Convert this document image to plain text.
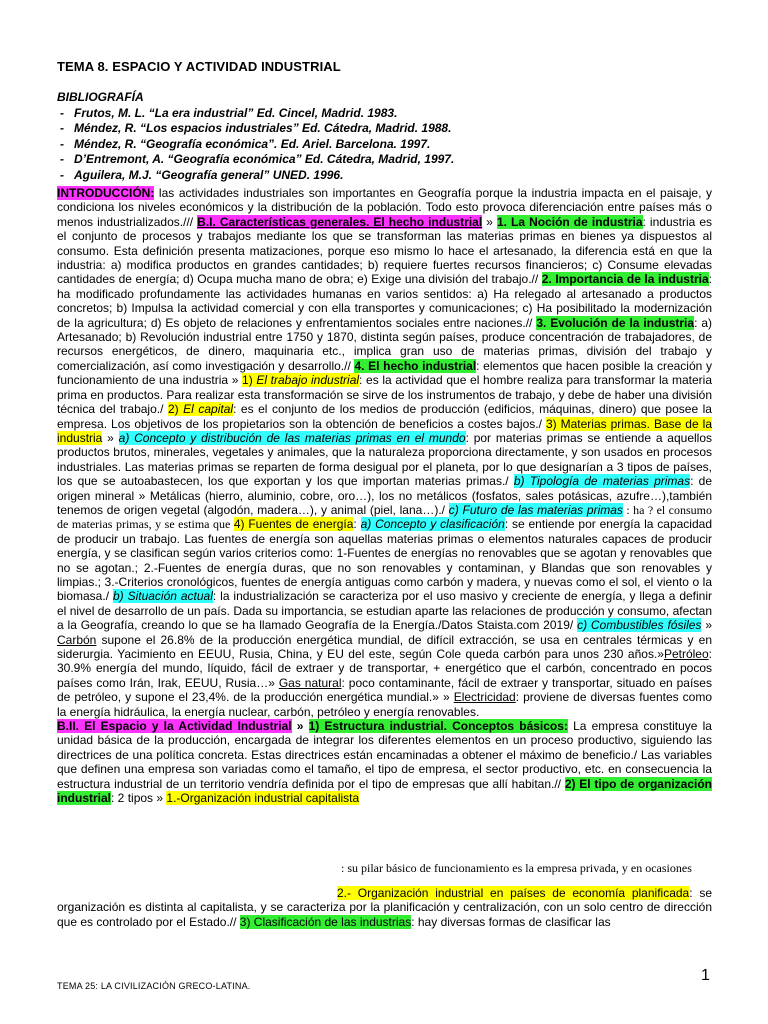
TEMA 8. ESPACIO Y ACTIVIDAD INDUSTRIAL
BIBLIOGRAFÍA
- Frutos, M. L. “La era industrial” Ed. Cincel, Madrid. 1983.
- Méndez, R. “Los espacios industriales” Ed. Cátedra, Madrid. 1988.
- Méndez, R. “Geografía económica”. Ed. Ariel. Barcelona. 1997.
- D’Entremont, A. “Geografía económica” Ed. Cátedra, Madrid, 1997.
- Aguilera, M.J. “Geografía general” UNED. 1996.
INTRODUCCIÓN: las actividades industriales son importantes en Geografía porque la industria impacta en el paisaje, y condiciona los niveles económicos y la distribución de la población. Todo esto provoca diferenciación entre países más o menos industrializados./// B.I. Características generales. El hecho industrial » 1. La Noción de industria: industria es el conjunto de procesos y trabajos mediante los que se transforman las materias primas en bienes ya dispuestos al consumo. Esta definición presenta matizaciones, porque eso mismo lo hace el artesanado, la diferencia está en que la industria: a) modifica productos en grandes cantidades; b) requiere fuertes recursos financieros; c) Consume elevadas cantidades de energía; d) Ocupa mucha mano de obra; e) Exige una división del trabajo.// 2. Importancia de la industria: ha modificado profundamente las actividades humanas en varios sentidos: a) Ha relegado al artesanado a productos concretos; b) Impulsa la actividad comercial y con ella transportes y comunicaciones; c) Ha posibilitado la modernización de la agricultura; d) Es objeto de relaciones y enfrentamientos sociales entre naciones.// 3. Evolución de la industria: a) Artesanado; b) Revolución industrial entre 1750 y 1870, distinta según países, produce concentración de trabajadores, de recursos energéticos, de dinero, maquinaria etc., implica gran uso de materias primas, división del trabajo y comercialización, así como investigación y desarrollo.// 4. El hecho industrial: elementos que hacen posible la creación y funcionamiento de una industria » 1) El trabajo industrial: es la actividad que el hombre realiza para transformar la materia prima en productos. Para realizar esta transformación se sirve de los instrumentos de trabajo, y debe de haber una división técnica del trabajo./ 2) El capital: es el conjunto de los medios de producción (edificios, máquinas, dinero) que posee la empresa. Los objetivos de los propietarios son la obtención de beneficios a costes bajos./ 3) Materias primas. Base de la industria » a) Concepto y distribución de las materias primas en el mundo: por materias primas se entiende a aquellos productos brutos, minerales, vegetales y animales, que la naturaleza proporciona directamente, y son usados en procesos industriales. Las materias primas se reparten de forma desigual por el planeta, por lo que designarían a 3 tipos de países, los que se autoabastecen, los que exportan y los que importan materias primas./ b) Tipología de materias primas: de origen mineral » Metálicas (hierro, aluminio, cobre, oro…), los no metálicos (fosfatos, sales potásicas, azufre…),también tenemos de origen vegetal (algodón, madera…), y animal (piel, lana…)./ c) Futuro de las materias primas : ha ? el consumo de materias primas, y se estima que 4) Fuentes de energía: a) Concepto y clasificación: se entiende por energía la capacidad de producir un trabajo. Las fuentes de energía son aquellas materias primas o elementos naturales capaces de producir energía, y se clasifican según varios criterios como: 1-Fuentes de energías no renovables que se agotan y renovables que no se agotan.; 2.-Fuentes de energía duras, que no son renovables y contaminan, y Blandas que son renovables y limpias.; 3.-Criterios cronológicos, fuentes de energía antiguas como carbón y madera, y nuevas como el sol, el viento o la biomasa./ b) Situación actual: la industrialización se caracteriza por el uso masivo y creciente de energía, y llega a definir el nivel de desarrollo de un país. Dada su importancia, se estudian aparte las relaciones de producción y consumo, afectan a la Geografía, creando lo que se ha llamado Geografía de la Energía./Datos Staista.com 2019/ c) Combustibles fósiles » Carbón supone el 26.8% de la producción energética mundial, de difícil extracción, se usa en centrales térmicas y en siderurgia. Yacimiento en EEUU, Rusia, China, y EU del este, según Cole queda carbón para unos 230 años.»Petróleo: 30.9% energía del mundo, líquido, fácil de extraer y de transportar, + energético que el carbón, concentrado en pocos países como Irán, Irak, EEUU, Rusia…» Gas natural: poco contaminante, fácil de extraer y transportar, situado en países de petróleo, y supone el 23,4%. de la producción energética mundial.» » Electricidad: proviene de diversas fuentes como la energía hidráulica, la energía nuclear, carbón, petróleo y energía renovables.
B.II. El Espacio y la Actividad Industrial » 1) Estructura industrial. Conceptos básicos: La empresa constituye la unidad básica de la producción, encargada de integrar los diferentes elementos en un proceso productivo, siguiendo las directrices de una política concreta. Estas directrices están encaminadas a obtener el máximo de beneficio./ Las variables que definen una empresa son variadas como el tamaño, el tipo de empresa, el sector productivo, etc. en consecuencia la estructura industrial de un territorio vendría definida por el tipo de empresas que allí habitan.// 2) El tipo de organización industrial: 2 tipos » 1.-Organización industrial capitalista
: su pilar básico de funcionamiento es la empresa privada, y en ocasiones
2.- Organización industrial en países de economía planificada: se organización es distinta al capitalista, y se caracteriza por la planificación y centralización, con un solo centro de dirección que es controlado por el Estado.// 3) Clasificación de las industrias: hay diversas formas de clasificar las
1
TEMA 25: LA CIVILIZACIÓN GRECO-LATINA.
